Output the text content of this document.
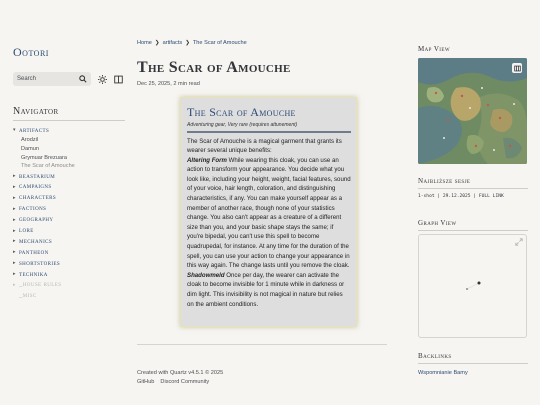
Ootori
Search
Navigator
▾ artifacts
Arodzil
Damun
Grymuar Brezuara
The Scar of Amouche
▸ beastarium
▸ campaigns
▸ characters
▸ factions
▸ geography
▸ lore
▸ mechanics
▸ pantheon
▸ shortstories
▸ technika
▸ _house rules
_misc
Home ❯ artifacts ❯ The Scar of Amouche
The Scar of Amouche
Dec 25, 2025, 2 min read
The Scar of Amouche
Adventuring gear, Very rare (requires attunement)

The Scar of Amouche is a magical garment that grants its wearer several unique benefits:

Altering Form While wearing this cloak, you can use an action to transform your appearance. You decide what you look like, including your height, weight, facial features, sound of your voice, hair length, coloration, and distinguishing characteristics, if any. You can make yourself appear as a member of another race, though none of your statistics change. You also can't appear as a creature of a different size than you, and your basic shape stays the same; if you're bipedal, you can't use this spell to become quadrupedal, for instance. At any time for the duration of the spell, you can use your action to change your appearance in this way again. The change lasts until you remove the cloak.

Shadowmeld Once per day, the wearer can activate the cloak to become invisible for 1 minute while in darkness or dim light. This invisibility is not magical in nature but relies on the ambient conditions.

Created with Quartz v4.5.1 © 2025
GitHub Discord Community
Map View
Najbliższe sesje
1-shot | 29.12.2025 | FULL LINK
Graph View
Backlinks
Wspomnianie Bamy
